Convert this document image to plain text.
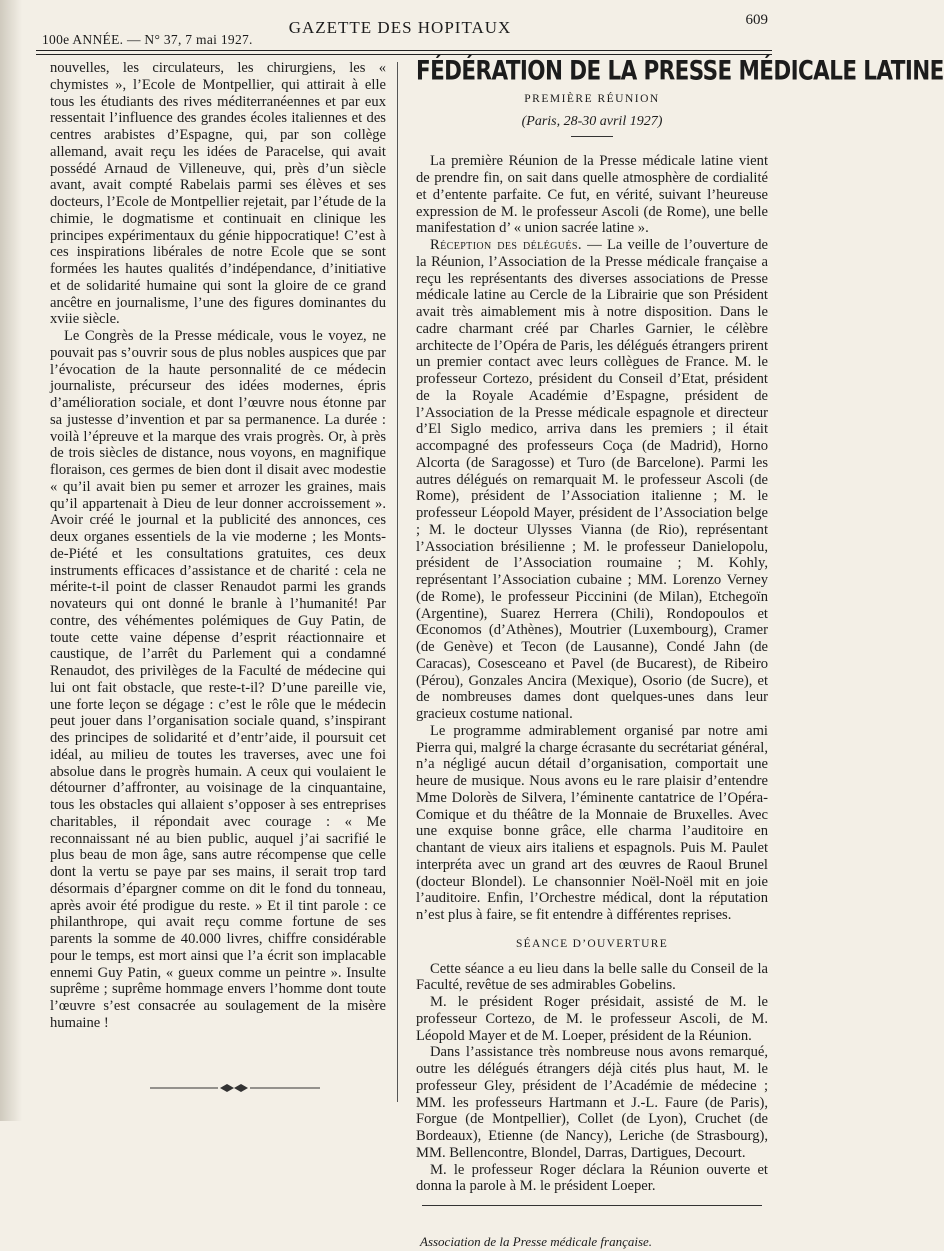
100e ANNÉE. — N° 37, 7 mai 1927.
GAZETTE DES HOPITAUX	609

nouvelles, les circulateurs, les chirurgiens, les « chymistes », l’Ecole de Montpellier, qui attirait à elle tous les étudiants des rives méditerranéennes et par eux ressentait l’influence des grandes écoles italiennes et des centres arabistes d’Espagne, qui, par son collège allemand, avait reçu les idées de Paracelse, qui avait possédé Arnaud de Villeneuve, qui, près d’un siècle avant, avait compté Rabelais parmi ses élèves et ses docteurs, l’Ecole de Montpellier rejetait, par l’étude de la chimie, le dogmatisme et continuait en clinique les principes expérimentaux du génie hippocratique! C’est à ces inspirations libérales de notre Ecole que se sont formées les hautes qualités d’indépendance, d’initiative et de solidarité humaine qui sont la gloire de ce grand ancêtre en journalisme, l’une des figures dominantes du xviie siècle.

Le Congrès de la Presse médicale, vous le voyez, ne pouvait pas s’ouvrir sous de plus nobles auspices que par l’évocation de la haute personnalité de ce médecin journaliste, précurseur des idées modernes, épris d’amélioration sociale, et dont l’œuvre nous étonne par sa justesse d’invention et par sa permanence. La durée : voilà l’épreuve et la marque des vrais progrès. Or, à près de trois siècles de distance, nous voyons, en magnifique floraison, ces germes de bien dont il disait avec modestie « qu’il avait bien pu semer et arrozer les graines, mais qu’il appartenait à Dieu de leur donner accroissement ». Avoir créé le journal et la publicité des annonces, ces deux organes essentiels de la vie moderne ; les Monts-de-Piété et les consultations gratuites, ces deux instruments efficaces d’assistance et de charité : cela ne mérite-t-il point de classer Renaudot parmi les grands novateurs qui ont donné le branle à l’humanité! Par contre, des véhémentes polémiques de Guy Patin, de toute cette vaine dépense d’esprit réactionnaire et caustique, de l’arrêt du Parlement qui a condamné Renaudot, des privilèges de la Faculté de médecine qui lui ont fait obstacle, que reste-t-il? D’une pareille vie, une forte leçon se dégage : c’est le rôle que le médecin peut jouer dans l’organisation sociale quand, s’inspirant des principes de solidarité et d’entr’aide, il poursuit cet idéal, au milieu de toutes les traverses, avec une foi absolue dans le progrès humain. A ceux qui voulaient le détourner d’affronter, au voisinage de la cinquantaine, tous les obstacles qui allaient s’opposer à ses entreprises charitables, il répondait avec courage : « Me reconnaissant né au bien public, auquel j’ai sacrifié le plus beau de mon âge, sans autre récompense que celle dont la vertu se paye par ses mains, il serait trop tard désormais d’épargner comme on dit le fond du tonneau, après avoir été prodigue du reste. » Et il tint parole : ce philanthrope, qui avait reçu comme fortune de ses parents la somme de 40.000 livres, chiffre considérable pour le temps, est mort ainsi que l’a écrit son implacable ennemi Guy Patin, « gueux comme un peintre ». Insulte suprême ; suprême hommage envers l’homme dont toute l’œuvre s’est consacrée au soulagement de la misère humaine !

FÉDÉRATION DE LA PRESSE MÉDICALE LATINE
PREMIÈRE RÉUNION
(Paris, 28-30 avril 1927)

La première Réunion de la Presse médicale latine vient de prendre fin, on sait dans quelle atmosphère de cordialité et d’entente parfaite. Ce fut, en vérité, suivant l’heureuse expression de M. le professeur Ascoli (de Rome), une belle manifestation d’ « union sacrée latine ».

Réception des délégués. — La veille de l’ouverture de la Réunion, l’Association de la Presse médicale française a reçu les représentants des diverses associations de Presse médicale latine au Cercle de la Librairie que son Président avait très aimablement mis à notre disposition. Dans le cadre charmant créé par Charles Garnier, le célèbre architecte de l’Opéra de Paris, les délégués étrangers prirent un premier contact avec leurs collègues de France. M. le professeur Cortezo, président du Conseil d’Etat, président de la Royale Académie d’Espagne, président de l’Association de la Presse médicale espagnole et directeur d’El Siglo medico, arriva dans les premiers ; il était accompagné des professeurs Coça (de Madrid), Horno Alcorta (de Saragosse) et Turo (de Barcelone). Parmi les autres délégués on remarquait M. le professeur Ascoli (de Rome), président de l’Association italienne ; M. le professeur Léopold Mayer, président de l’Association belge ; M. le docteur Ulysses Vianna (de Rio), représentant l’Association brésilienne ; M. le professeur Danielopolu, président de l’Association roumaine ; M. Kohly, représentant l’Association cubaine ; MM. Lorenzo Verney (de Rome), le professeur Piccinini (de Milan), Etchegoïn (Argentine), Suarez Herrera (Chili), Rondopoulos et Œconomos (d’Athènes), Moutrier (Luxembourg), Cramer (de Genève) et Tecon (de Lausanne), Condé Jahn (de Caracas), Cosesceano et Pavel (de Bucarest), de Ribeiro (Pérou), Gonzales Ancira (Mexique), Osorio (de Sucre), et de nombreuses dames dont quelques-unes dans leur gracieux costume national.

Le programme admirablement organisé par notre ami Pierra qui, malgré la charge écrasante du secrétariat général, n’a négligé aucun détail d’organisation, comportait une heure de musique. Nous avons eu le rare plaisir d’entendre Mme Dolorès de Silvera, l’éminente cantatrice de l’Opéra-Comique et du théâtre de la Monnaie de Bruxelles. Avec une exquise bonne grâce, elle charma l’auditoire en chantant de vieux airs italiens et espagnols. Puis M. Paulet interpréta avec un grand art des œuvres de Raoul Brunel (docteur Blondel). Le chansonnier Noël-Noël mit en joie l’auditoire. Enfin, l’Orchestre médical, dont la réputation n’est plus à faire, se fit entendre à différentes reprises.

SÉANCE D’OUVERTURE

Cette séance a eu lieu dans la belle salle du Conseil de la Faculté, revêtue de ses admirables Gobelins.

M. le président Roger présidait, assisté de M. le professeur Cortezo, de M. le professeur Ascoli, de M. Léopold Mayer et de M. Loeper, président de la Réunion.

Dans l’assistance très nombreuse nous avons remarqué, outre les délégués étrangers déjà cités plus haut, M. le professeur Gley, président de l’Académie de médecine ; MM. les professeurs Hartmann et J.-L. Faure (de Paris), Forgue (de Montpellier), Collet (de Lyon), Cruchet (de Bordeaux), Etienne (de Nancy), Leriche (de Strasbourg), MM. Bellencontre, Blondel, Darras, Dartigues, Decourt.

M. le professeur Roger déclara la Réunion ouverte et donna la parole à M. le président Loeper.

Association de la Presse médicale française.
